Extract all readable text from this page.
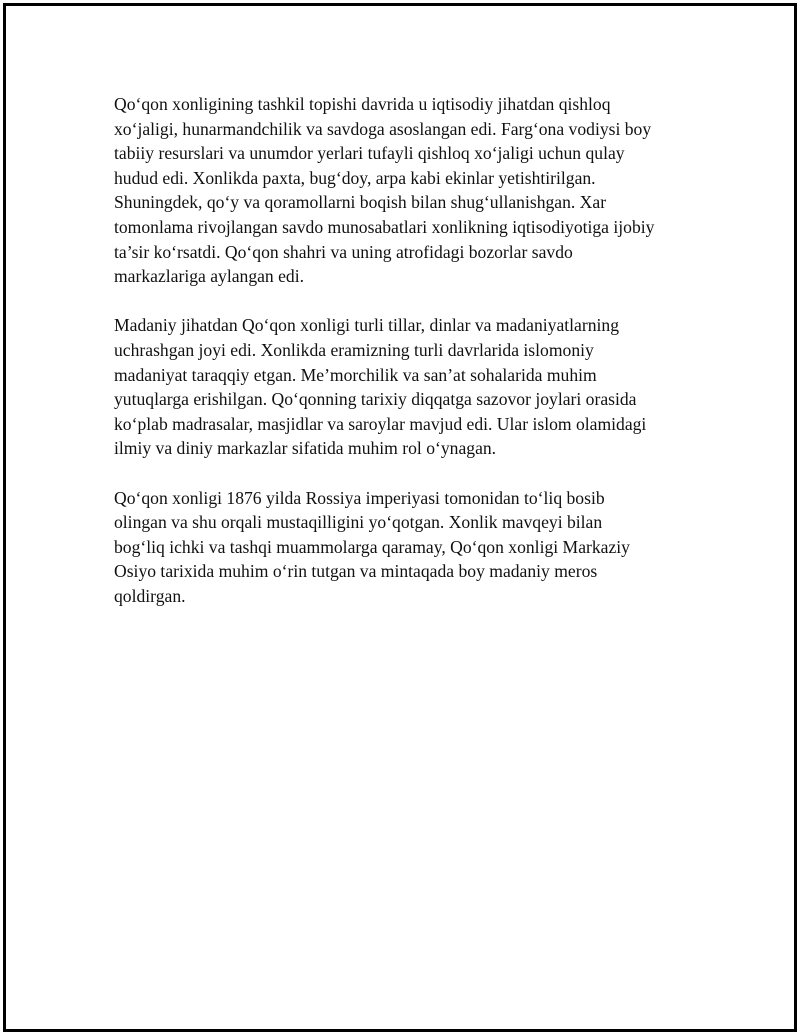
Qo‘qon xonligining tashkil topishi davrida u iqtisodiy jihatdan qishloq
xo‘jaligi, hunarmandchilik va savdoga asoslangan edi. Farg‘ona vodiysi boy
tabiiy resurslari va unumdor yerlari tufayli qishloq xo‘jaligi uchun qulay
hudud edi. Xonlikda paxta, bug‘doy, arpa kabi ekinlar yetishtirilgan.
Shuningdek, qo‘y va qoramollarni boqish bilan shug‘ullanishgan. Xar
tomonlama rivojlangan savdo munosabatlari xonlikning iqtisodiyotiga ijobiy
ta’sir ko‘rsatdi. Qo‘qon shahri va uning atrofidagi bozorlar savdo
markazlariga aylangan edi.

Madaniy jihatdan Qo‘qon xonligi turli tillar, dinlar va madaniyatlarning
uchrashgan joyi edi. Xonlikda eramizning turli davrlarida islomoniy
madaniyat taraqqiy etgan. Me’morchilik va san’at sohalarida muhim
yutuqlarga erishilgan. Qo‘qonning tarixiy diqqatga sazovor joylari orasida
ko‘plab madrasalar, masjidlar va saroylar mavjud edi. Ular islom olamidagi
ilmiy va diniy markazlar sifatida muhim rol o‘ynagan.

Qo‘qon xonligi 1876 yilda Rossiya imperiyasi tomonidan to‘liq bosib
olingan va shu orqali mustaqilligini yo‘qotgan. Xonlik mavqeyi bilan
bog‘liq ichki va tashqi muammolarga qaramay, Qo‘qon xonligi Markaziy
Osiyo tarixida muhim o‘rin tutgan va mintaqada boy madaniy meros
qoldirgan.
